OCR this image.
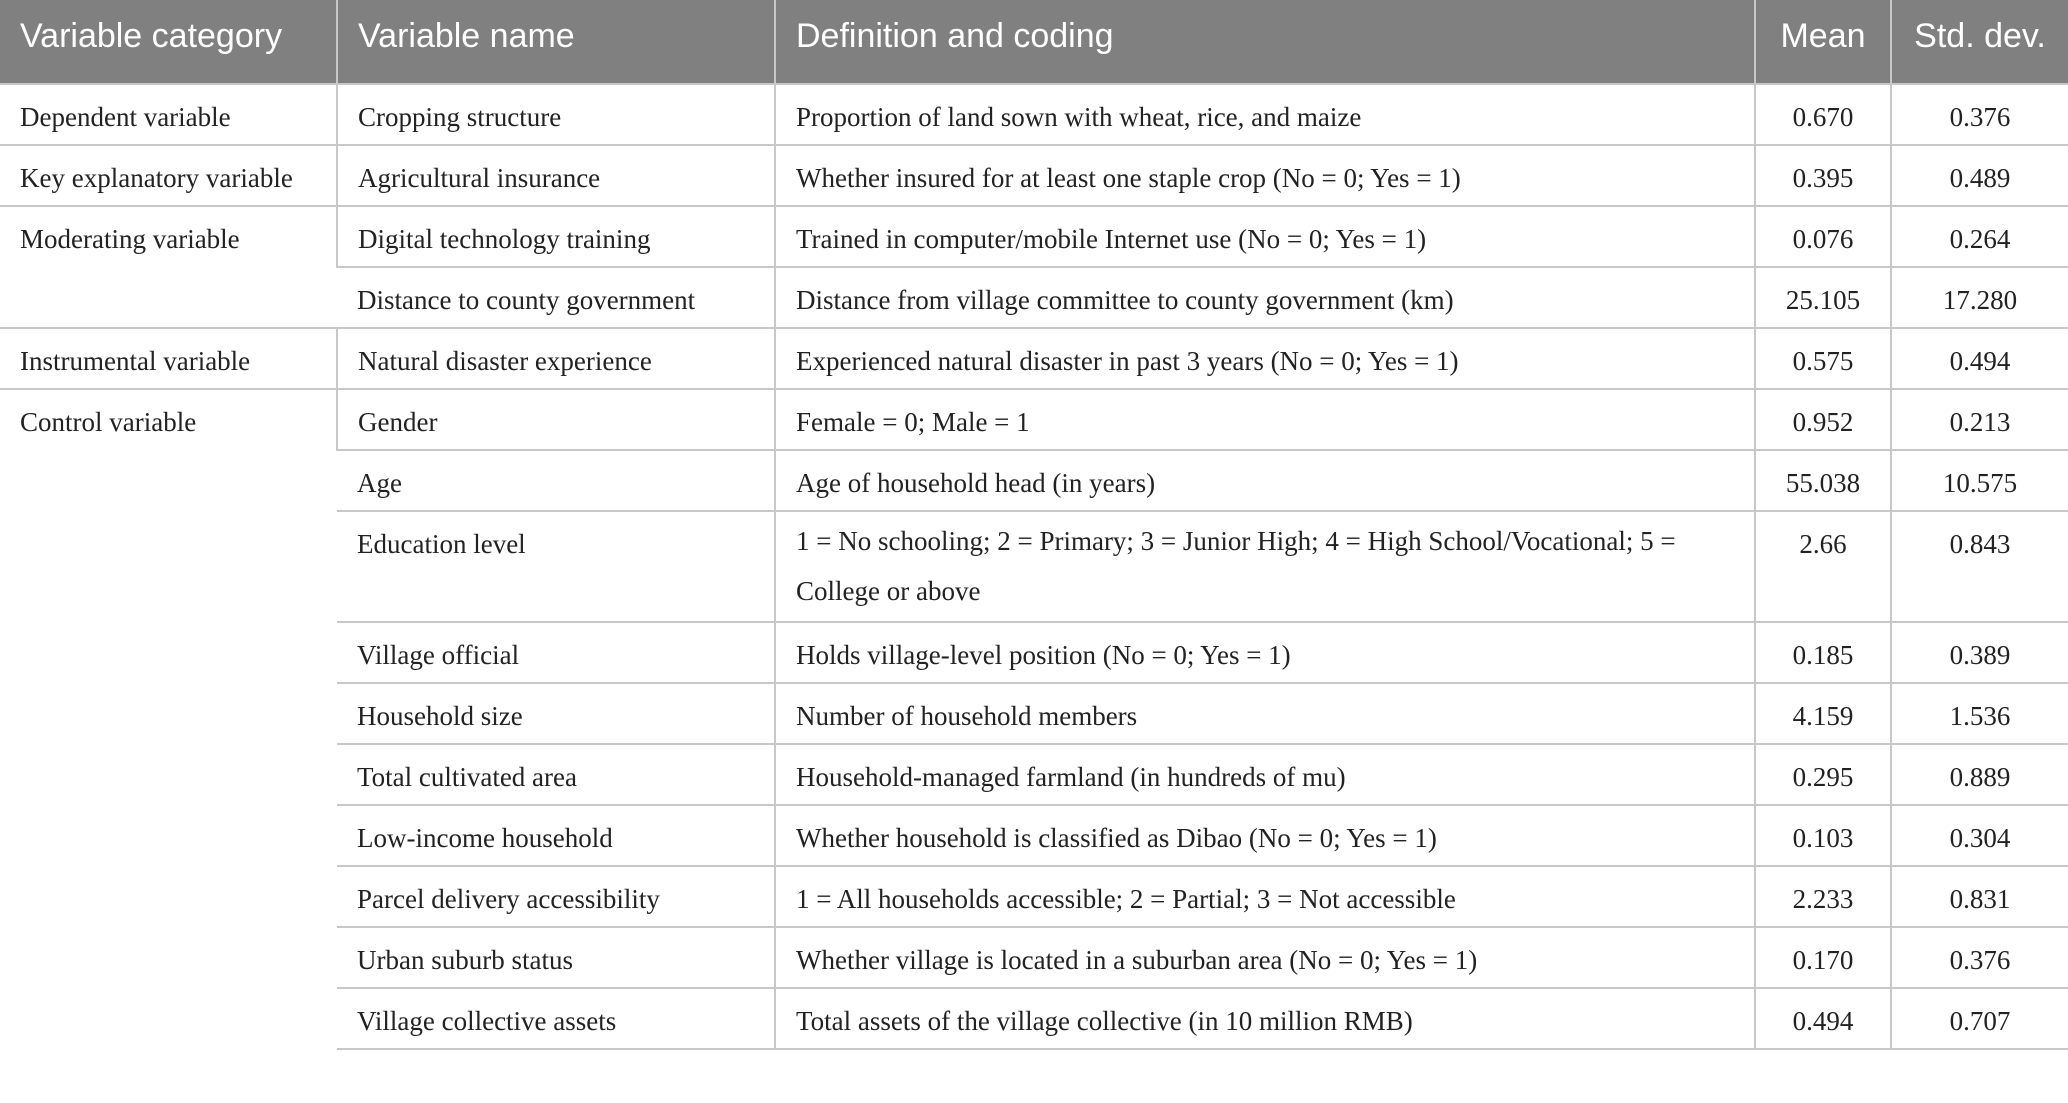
Variable category	Variable name	Definition and coding	Mean	Std. dev.
Dependent variable	Cropping structure	Proportion of land sown with wheat, rice, and maize	0.670	0.376
Key explanatory variable	Agricultural insurance	Whether insured for at least one staple crop (No = 0; Yes = 1)	0.395	0.489
Moderating variable	Digital technology training	Trained in computer/mobile Internet use (No = 0; Yes = 1)	0.076	0.264
	Distance to county government	Distance from village committee to county government (km)	25.105	17.280
Instrumental variable	Natural disaster experience	Experienced natural disaster in past 3 years (No = 0; Yes = 1)	0.575	0.494
Control variable	Gender	Female = 0; Male = 1	0.952	0.213
	Age	Age of household head (in years)	55.038	10.575
	Education level	1 = No schooling; 2 = Primary; 3 = Junior High; 4 = High School/Vocational; 5 = College or above	2.66	0.843
	Village official	Holds village-level position (No = 0; Yes = 1)	0.185	0.389
	Household size	Number of household members	4.159	1.536
	Total cultivated area	Household-managed farmland (in hundreds of mu)	0.295	0.889
	Low-income household	Whether household is classified as Dibao (No = 0; Yes = 1)	0.103	0.304
	Parcel delivery accessibility	1 = All households accessible; 2 = Partial; 3 = Not accessible	2.233	0.831
	Urban suburb status	Whether village is located in a suburban area (No = 0; Yes = 1)	0.170	0.376
	Village collective assets	Total assets of the village collective (in 10 million RMB)	0.494	0.707
